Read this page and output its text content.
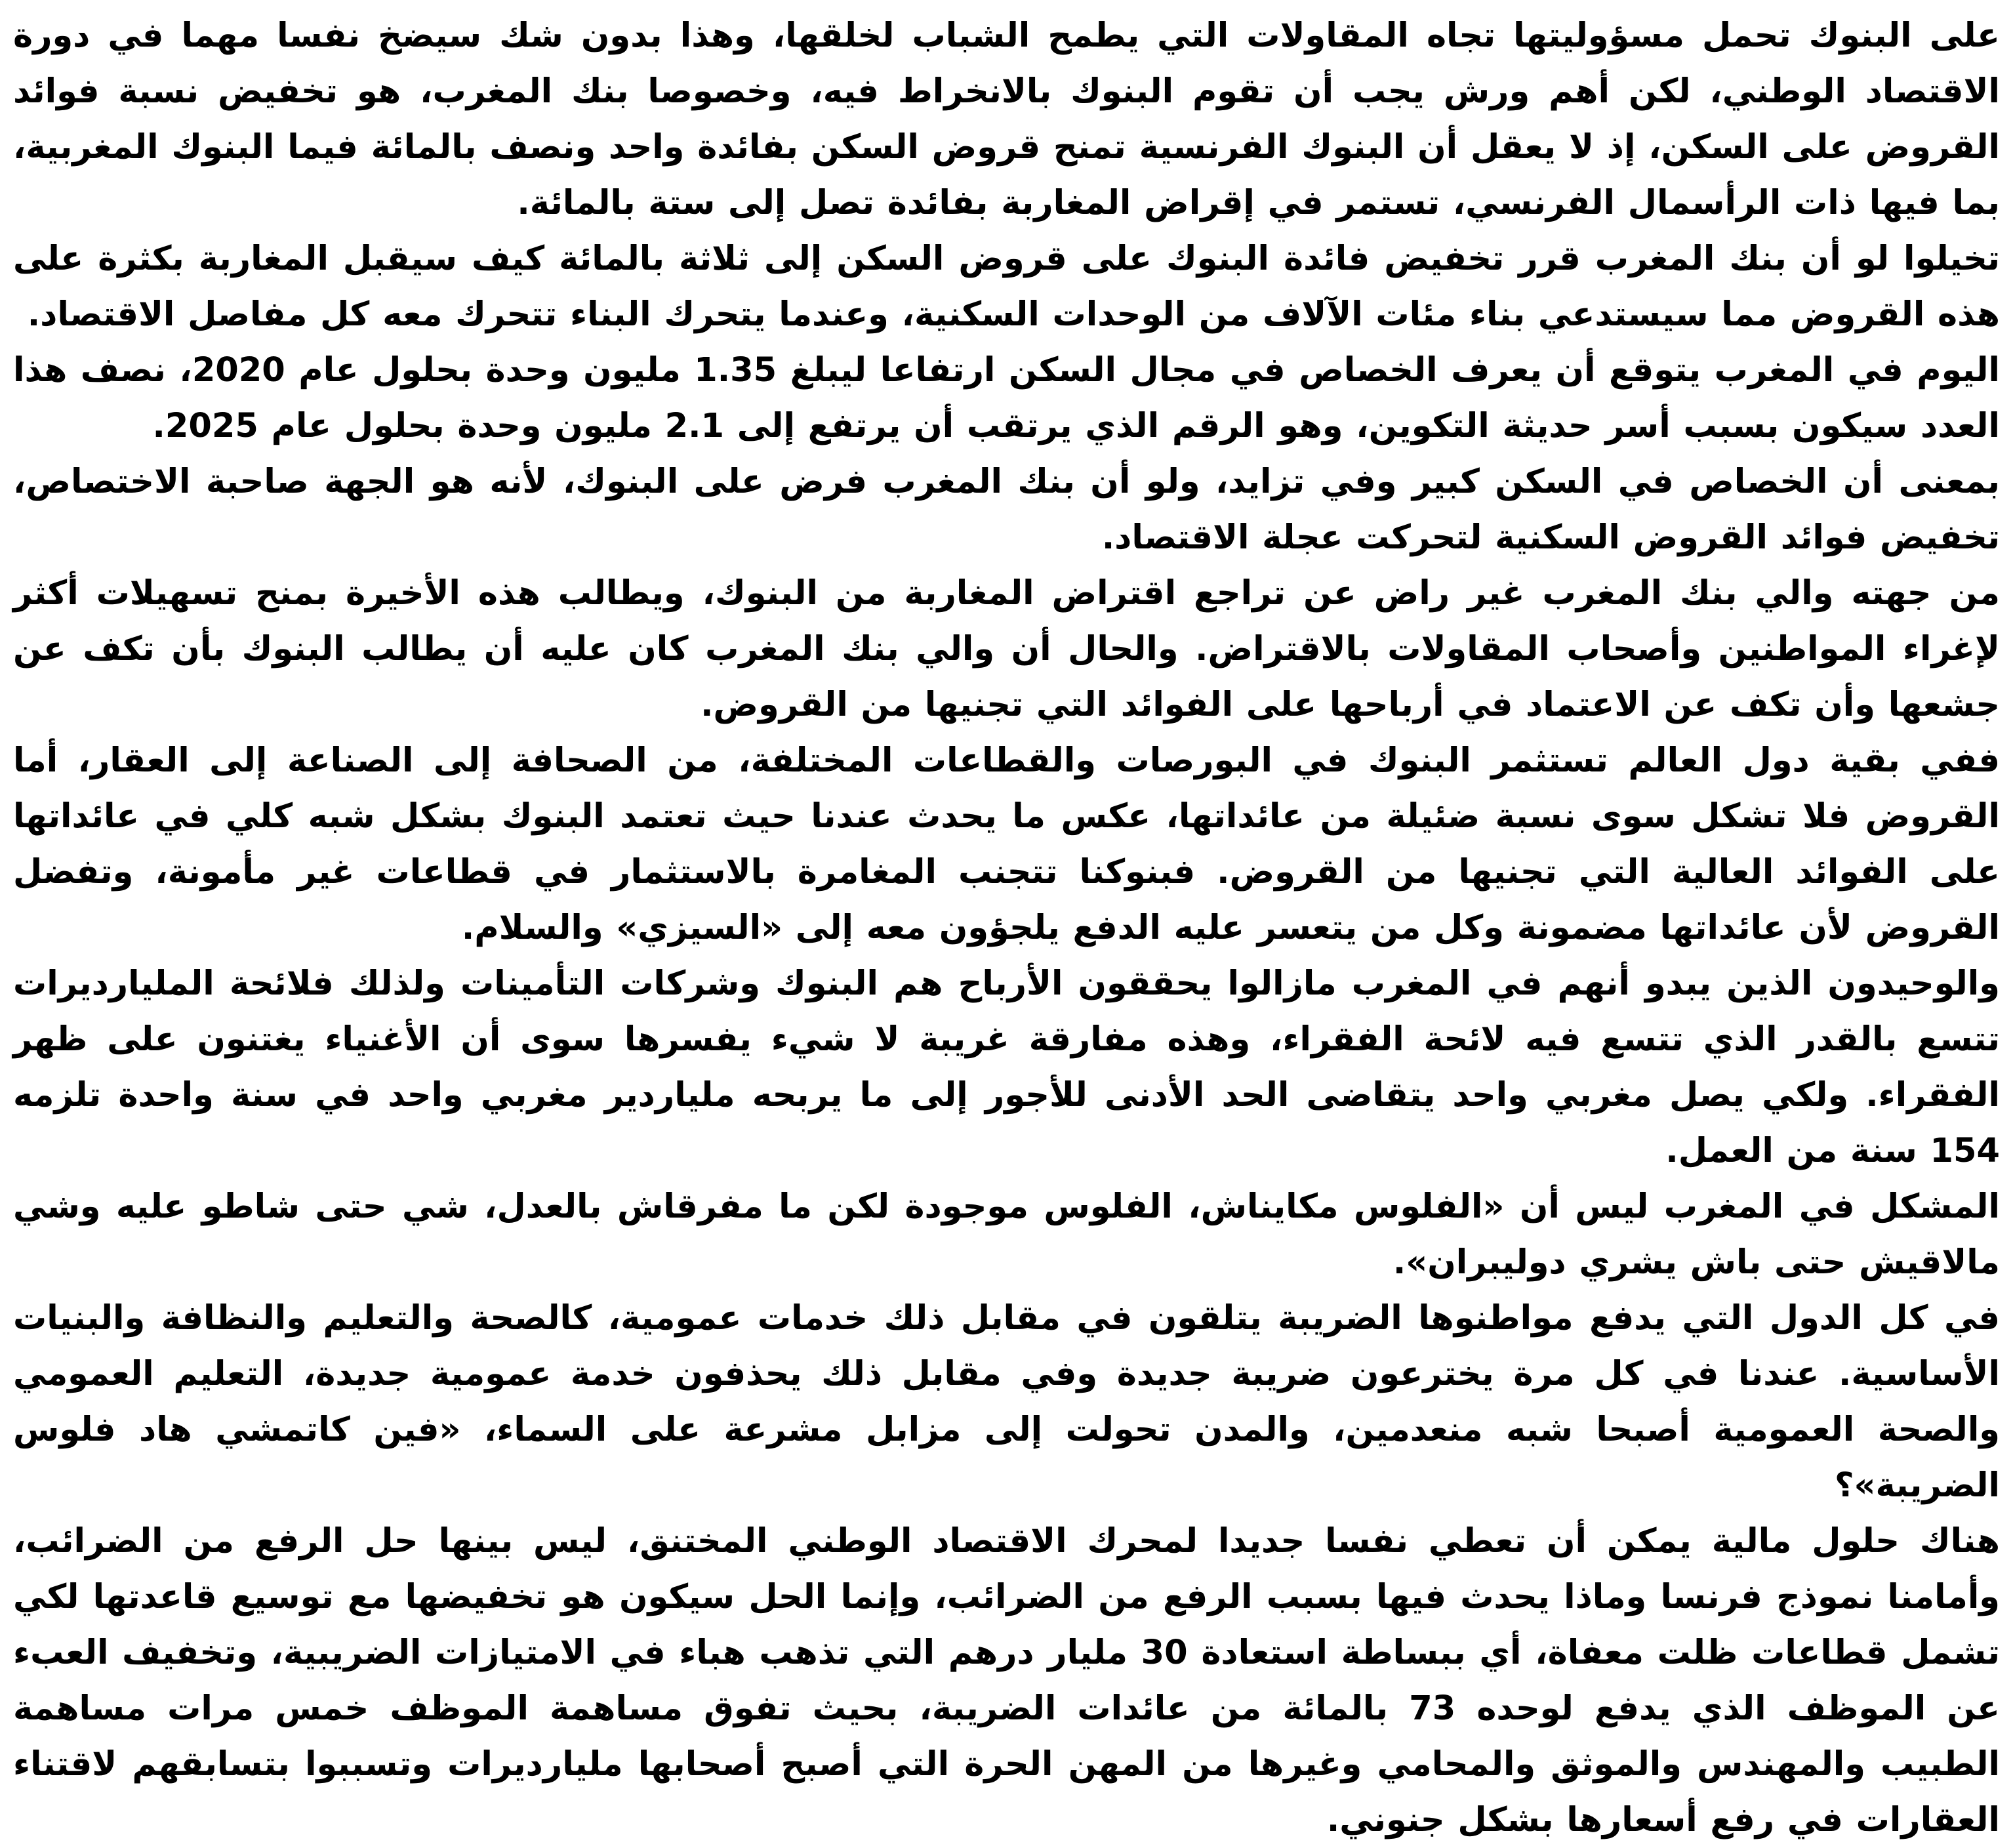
على البنوك تحمل مسؤوليتها تجاه المقاولات التي يطمح الشباب لخلقها، وهذا بدون شك سيضخ نفسا مهما في دورة الاقتصاد الوطني، لكن أهم ورش يجب أن تقوم البنوك بالانخراط فيه، وخصوصا بنك المغرب، هو تخفيض نسبة فوائد القروض على السكن، إذ لا يعقل أن البنوك الفرنسية تمنح قروض السكن بفائدة واحد ونصف بالمائة فيما البنوك المغربية، بما فيها ذات الرأسمال الفرنسي، تستمر في إقراض المغاربة بفائدة تصل إلى ستة بالمائة.

تخيلوا لو أن بنك المغرب قرر تخفيض فائدة البنوك على قروض السكن إلى ثلاثة بالمائة كيف سيقبل المغاربة بكثرة على هذه القروض مما سيستدعي بناء مئات الآلاف من الوحدات السكنية، وعندما يتحرك البناء تتحرك معه كل مفاصل الاقتصاد.

اليوم في المغرب يتوقع أن يعرف الخصاص في مجال السكن ارتفاعا ليبلغ 1.35 مليون وحدة بحلول عام 2020، نصف هذا العدد سيكون بسبب أسر حديثة التكوين، وهو الرقم الذي يرتقب أن يرتفع إلى 2.1 مليون وحدة بحلول عام 2025.

بمعنى أن الخصاص في السكن كبير وفي تزايد، ولو أن بنك المغرب فرض على البنوك، لأنه هو الجهة صاحبة الاختصاص، تخفيض فوائد القروض السكنية لتحركت عجلة الاقتصاد.

من جهته والي بنك المغرب غير راض عن تراجع اقتراض المغاربة من البنوك، ويطالب هذه الأخيرة بمنح تسهيلات أكثر لإغراء المواطنين وأصحاب المقاولات بالاقتراض. والحال أن والي بنك المغرب كان عليه أن يطالب البنوك بأن تكف عن جشعها وأن تكف عن الاعتماد في أرباحها على الفوائد التي تجنيها من القروض.

ففي بقية دول العالم تستثمر البنوك في البورصات والقطاعات المختلفة، من الصحافة إلى الصناعة إلى العقار، أما القروض فلا تشكل سوى نسبة ضئيلة من عائداتها، عكس ما يحدث عندنا حيث تعتمد البنوك بشكل شبه كلي في عائداتها على الفوائد العالية التي تجنيها من القروض. فبنوكنا تتجنب المغامرة بالاستثمار في قطاعات غير مأمونة، وتفضل القروض لأن عائداتها مضمونة وكل من يتعسر عليه الدفع يلجؤون معه إلى «السيزي» والسلام.

والوحيدون الذين يبدو أنهم في المغرب مازالوا يحققون الأرباح هم البنوك وشركات التأمينات ولذلك فلائحة المليارديرات تتسع بالقدر الذي تتسع فيه لائحة الفقراء، وهذه مفارقة غريبة لا شيء يفسرها سوى أن الأغنياء يغتنون على ظهر الفقراء. ولكي يصل مغربي واحد يتقاضى الحد الأدنى للأجور إلى ما يربحه ملياردير مغربي واحد في سنة واحدة تلزمه 154 سنة من العمل.

المشكل في المغرب ليس أن «الفلوس مكايناش، الفلوس موجودة لكن ما مفرقاش بالعدل، شي حتى شاطو عليه وشي مالاقيش حتى باش يشري دوليبران».

في كل الدول التي يدفع مواطنوها الضريبة يتلقون في مقابل ذلك خدمات عمومية، كالصحة والتعليم والنظافة والبنيات الأساسية. عندنا في كل مرة يخترعون ضريبة جديدة وفي مقابل ذلك يحذفون خدمة عمومية جديدة، التعليم العمومي والصحة العمومية أصبحا شبه منعدمين، والمدن تحولت إلى مزابل مشرعة على السماء، «فين كاتمشي هاد فلوس الضريبة»؟

هناك حلول مالية يمكن أن تعطي نفسا جديدا لمحرك الاقتصاد الوطني المختنق، ليس بينها حل الرفع من الضرائب، وأمامنا نموذج فرنسا وماذا يحدث فيها بسبب الرفع من الضرائب، وإنما الحل سيكون هو تخفيضها مع توسيع قاعدتها لكي تشمل قطاعات ظلت معفاة، أي ببساطة استعادة 30 مليار درهم التي تذهب هباء في الامتيازات الضريبية، وتخفيف العبء عن الموظف الذي يدفع لوحده 73 بالمائة من عائدات الضريبة، بحيث تفوق مساهمة الموظف خمس مرات مساهمة الطبيب والمهندس والموثق والمحامي وغيرها من المهن الحرة التي أصبح أصحابها مليارديرات وتسببوا بتسابقهم لاقتناء العقارات في رفع أسعارها بشكل جنوني.
